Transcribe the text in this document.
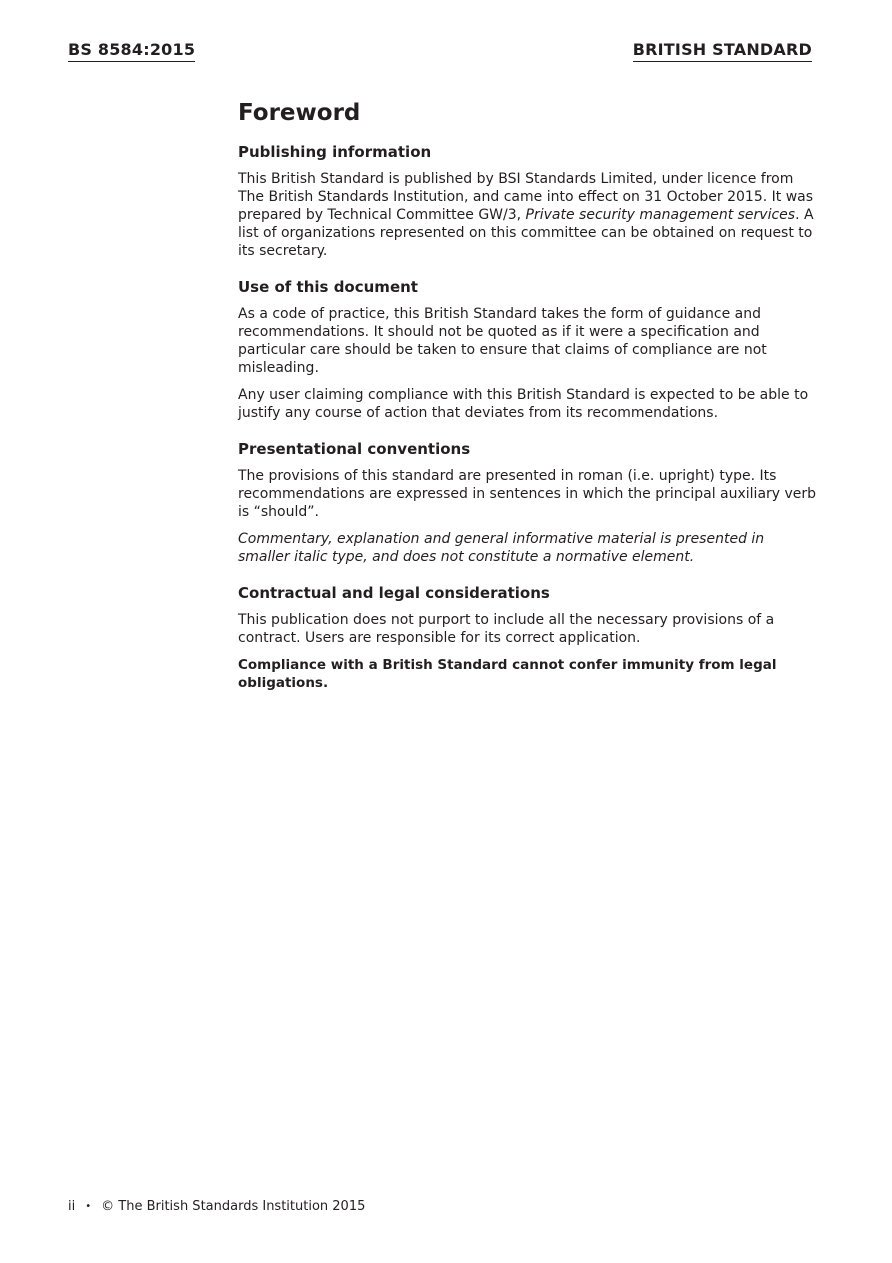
BS 8584:2015	BRITISH STANDARD
Foreword
Publishing information

This British Standard is published by BSI Standards Limited, under licence from The British Standards Institution, and came into effect on 31 October 2015. It was prepared by Technical Committee GW/3, Private security management services. A list of organizations represented on this committee can be obtained on request to its secretary.

Use of this document

As a code of practice, this British Standard takes the form of guidance and recommendations. It should not be quoted as if it were a specification and particular care should be taken to ensure that claims of compliance are not misleading.

Any user claiming compliance with this British Standard is expected to be able to justify any course of action that deviates from its recommendations.

Presentational conventions

The provisions of this standard are presented in roman (i.e. upright) type. Its recommendations are expressed in sentences in which the principal auxiliary verb is “should”.

Commentary, explanation and general informative material is presented in smaller italic type, and does not constitute a normative element.

Contractual and legal considerations

This publication does not purport to include all the necessary provisions of a contract. Users are responsible for its correct application.

Compliance with a British Standard cannot confer immunity from legal obligations.

ii • © The British Standards Institution 2015
